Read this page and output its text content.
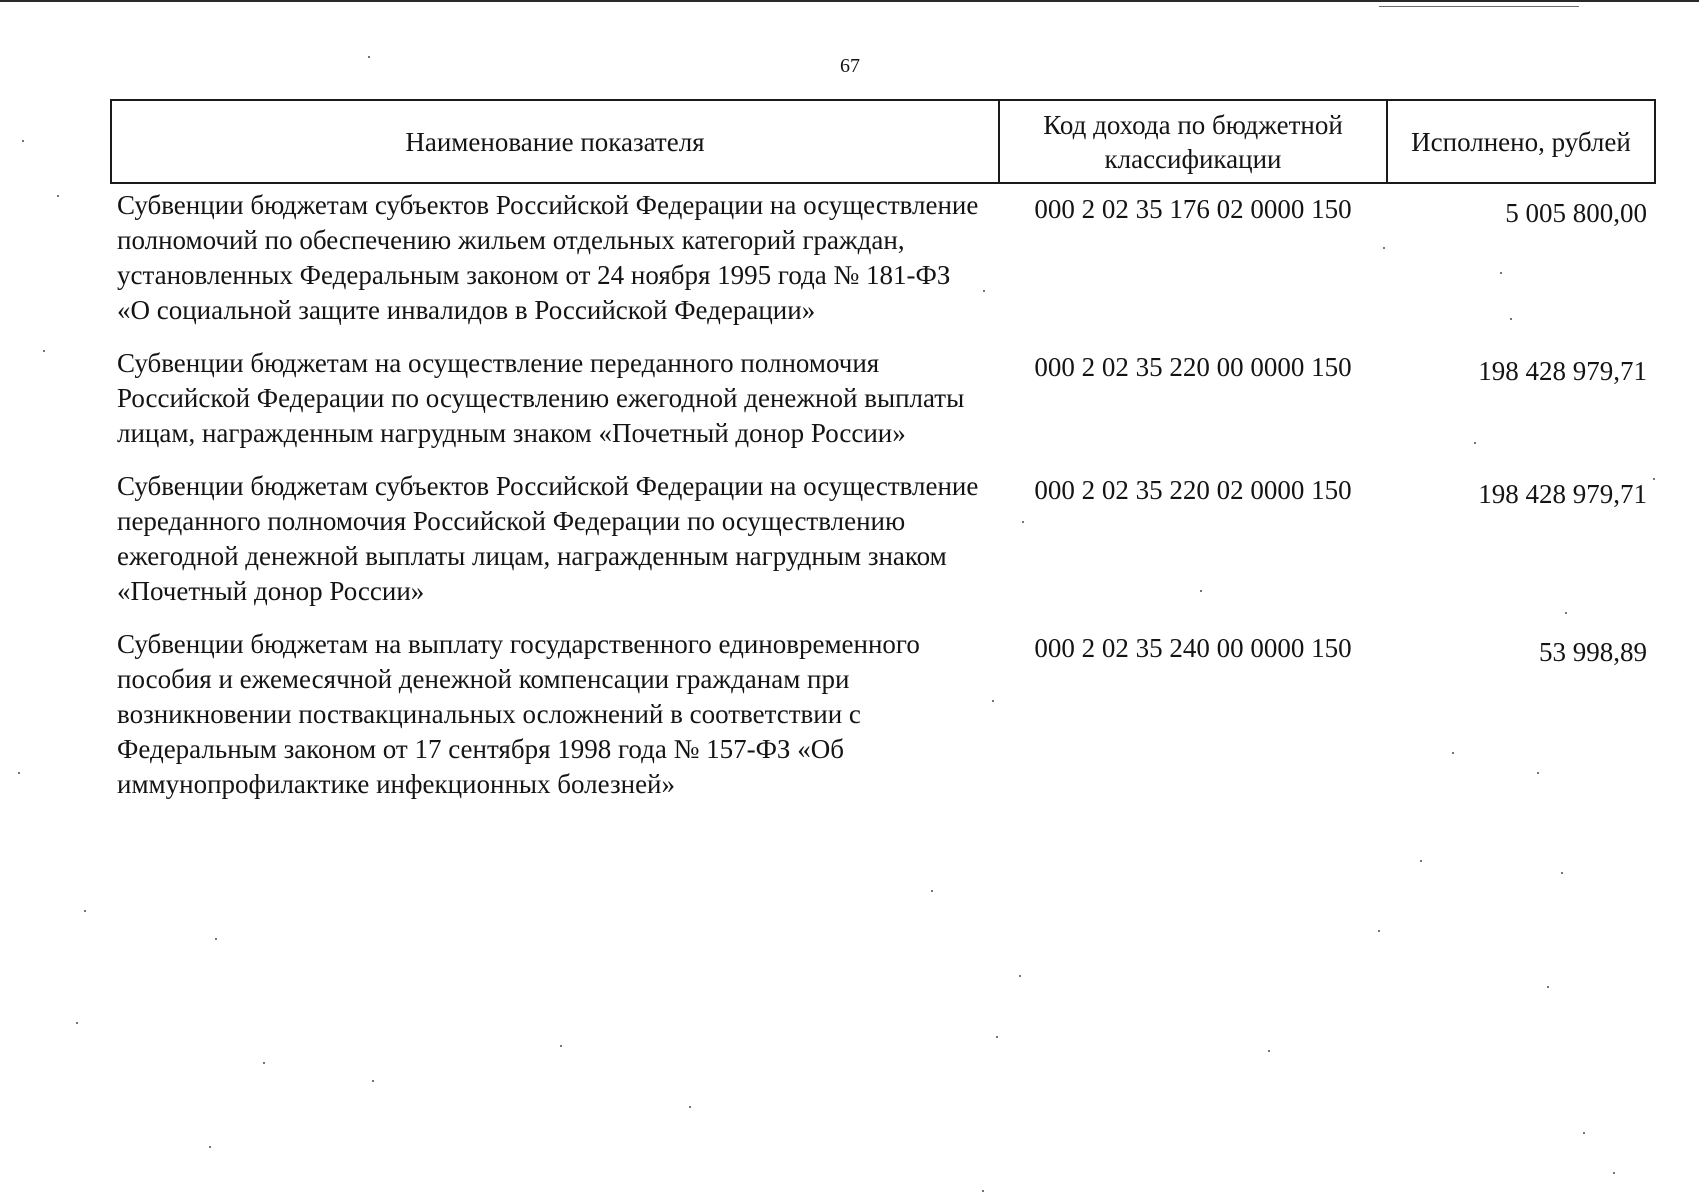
67
Наименование показателя	Код дохода по бюджетной классификации	Исполнено, рублей
Субвенции бюджетам субъектов Российской Федерации на осуществление полномочий по обеспечению жильем отдельных категорий граждан, установленных Федеральным законом от 24 ноября 1995 года № 181-ФЗ «О социальной защите инвалидов в Российской Федерации»	000 2 02 35 176 02 0000 150	5 005 800,00
Субвенции бюджетам на осуществление переданного полномочия Российской Федерации по осуществлению ежегодной денежной выплаты лицам, награжденным нагрудным знаком «Почетный донор России»	000 2 02 35 220 00 0000 150	198 428 979,71
Субвенции бюджетам субъектов Российской Федерации на осуществление переданного полномочия Российской Федерации по осуществлению ежегодной денежной выплаты лицам, награжденным нагрудным знаком «Почетный донор России»	000 2 02 35 220 02 0000 150	198 428 979,71
Субвенции бюджетам на выплату государственного единовременного пособия и ежемесячной денежной компенсации гражданам при возникновении поствакцинальных осложнений в соответствии с Федеральным законом от 17 сентября 1998 года № 157-ФЗ «Об иммунопрофилактике инфекционных болезней»	000 2 02 35 240 00 0000 150	53 998,89
